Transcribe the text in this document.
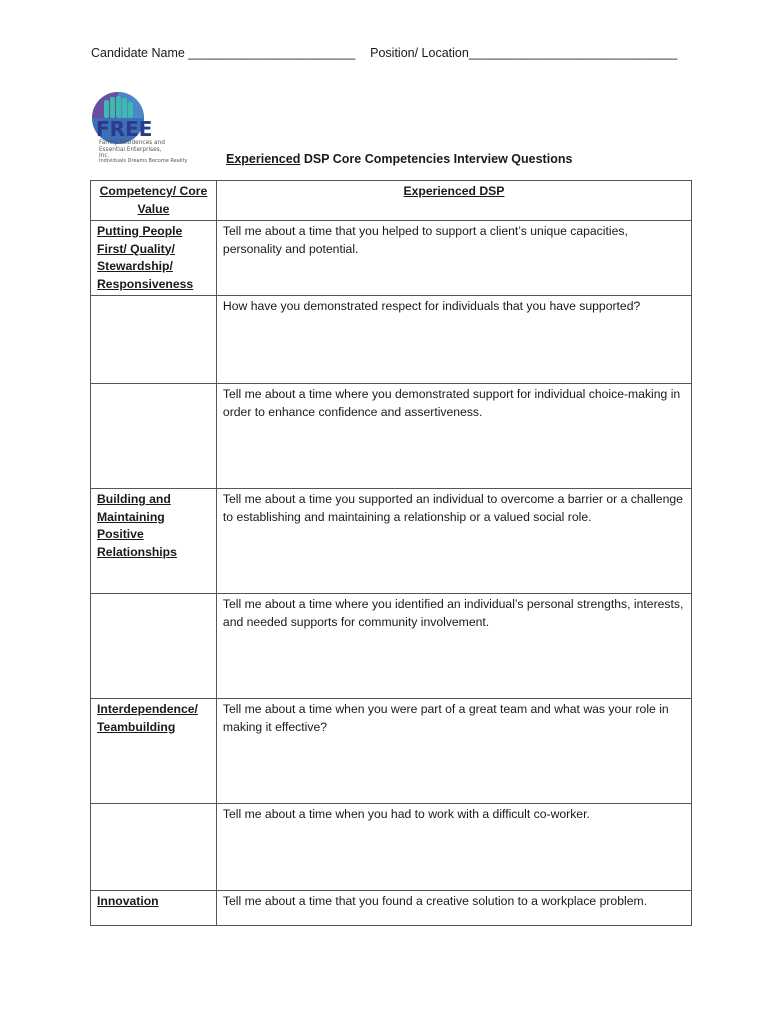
Candidate Name ________________________ Position/ Location______________________________
FREE
Family Residences and
Essential Enterprises, Inc.
Individuals Dreams Become Reality	Experienced DSP Core Competencies Interview Questions
Competency/ Core Value	Experienced DSP
Putting People First/ Quality/ Stewardship/ Responsiveness	Tell me about a time that you helped to support a client’s unique capacities, personality and potential.
	How have you demonstrated respect for individuals that you have supported?
	Tell me about a time where you demonstrated support for individual choice-making in order to enhance confidence and assertiveness.
Building and Maintaining Positive Relationships	Tell me about a time you supported an individual to overcome a barrier or a challenge to establishing and maintaining a relationship or a valued social role.
	Tell me about a time where you identified an individual’s personal strengths, interests, and needed supports for community involvement.
Interdependence/ Teambuilding	Tell me about a time when you were part of a great team and what was your role in making it effective?
	Tell me about a time when you had to work with a difficult co-worker.
Innovation	Tell me about a time that you found a creative solution to a workplace problem.
